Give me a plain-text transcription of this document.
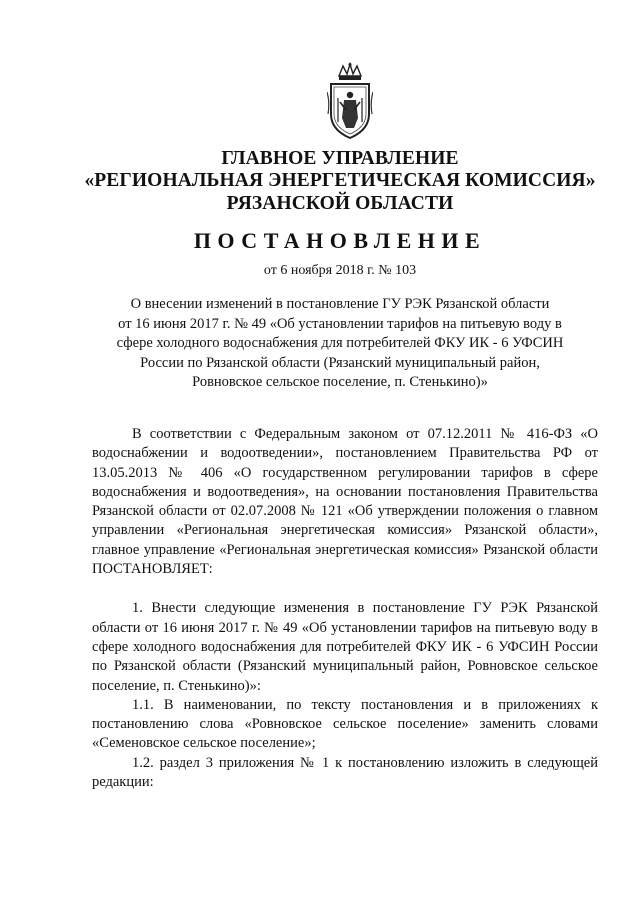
ГЛАВНОЕ УПРАВЛЕНИЕ
«РЕГИОНАЛЬНАЯ ЭНЕРГЕТИЧЕСКАЯ КОМИССИЯ»
РЯЗАНСКОЙ ОБЛАСТИ
ПОСТАНОВЛЕНИЕ
от 6 ноября 2018 г. № 103
О внесении изменений в постановление ГУ РЭК Рязанской области
от 16 июня 2017 г. № 49 «Об установлении тарифов на питьевую воду в
сфере холодного водоснабжения для потребителей ФКУ ИК - 6 УФСИН
России по Рязанской области (Рязанский муниципальный район,
Ровновское сельское поселение, п. Стенькино)»

В соответствии с Федеральным законом от 07.12.2011 № 416-ФЗ «О водоснабжении и водоотведении», постановлением Правительства РФ от 13.05.2013 № 406 «О государственном регулировании тарифов в сфере водоснабжения и водоотведения», на основании постановления Правительства Рязанской области от 02.07.2008 № 121 «Об утверждении положения о главном управлении «Региональная энергетическая комиссия» Рязанской области», главное управление «Региональная энергетическая комиссия» Рязанской области ПОСТАНОВЛЯЕТ:

1. Внести следующие изменения в постановление ГУ РЭК Рязанской области от 16 июня 2017 г. № 49 «Об установлении тарифов на питьевую воду в сфере холодного водоснабжения для потребителей ФКУ ИК - 6 УФСИН России по Рязанской области (Рязанский муниципальный район, Ровновское сельское поселение, п. Стенькино)»:

1.1. В наименовании, по тексту постановления и в приложениях к постановлению слова «Ровновское сельское поселение» заменить словами «Семеновское сельское поселение»;

1.2. раздел 3 приложения № 1 к постановлению изложить в следующей редакции:
